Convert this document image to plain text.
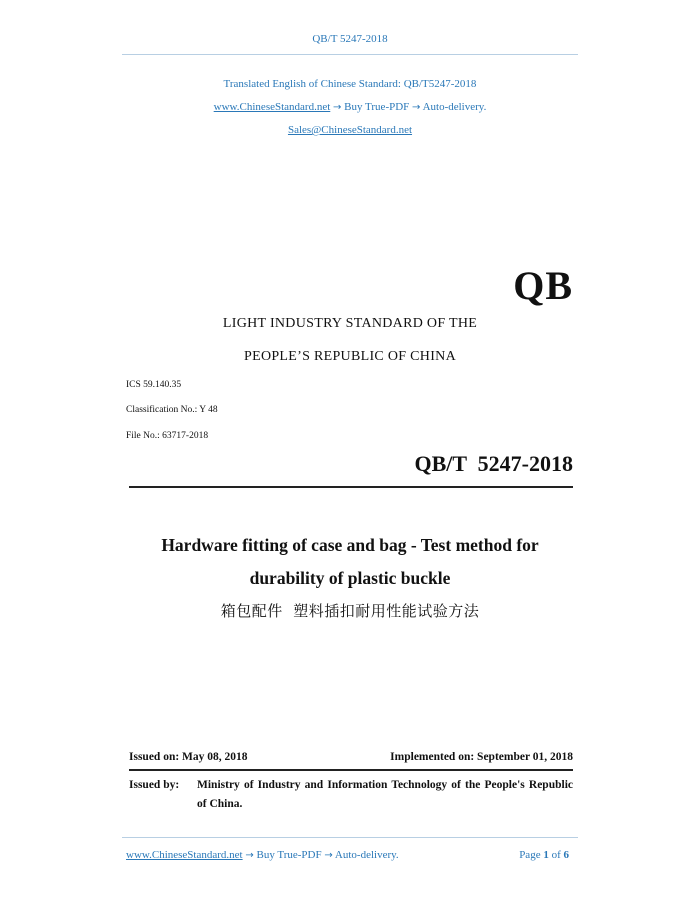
QB/T 5247-2018
Translated English of Chinese Standard: QB/T5247-2018
www.ChineseStandard.net → Buy True-PDF → Auto-delivery.
Sales@ChineseStandard.net
QB
LIGHT INDUSTRY STANDARD OF THE
PEOPLE’S REPUBLIC OF CHINA
ICS 59.140.35
Classification No.: Y 48
File No.: 63717-2018
QB/T  5247-2018
Hardware fitting of case and bag - Test method for
durability of plastic buckle
箱包配件  塑料插扣耐用性能试验方法
Issued on: May 08, 2018	Implemented on: September 01, 2018
Issued by: Ministry of Industry and Information Technology of the People's Republic of China.
www.ChineseStandard.net → Buy True-PDF → Auto-delivery.	Page 1 of 6
